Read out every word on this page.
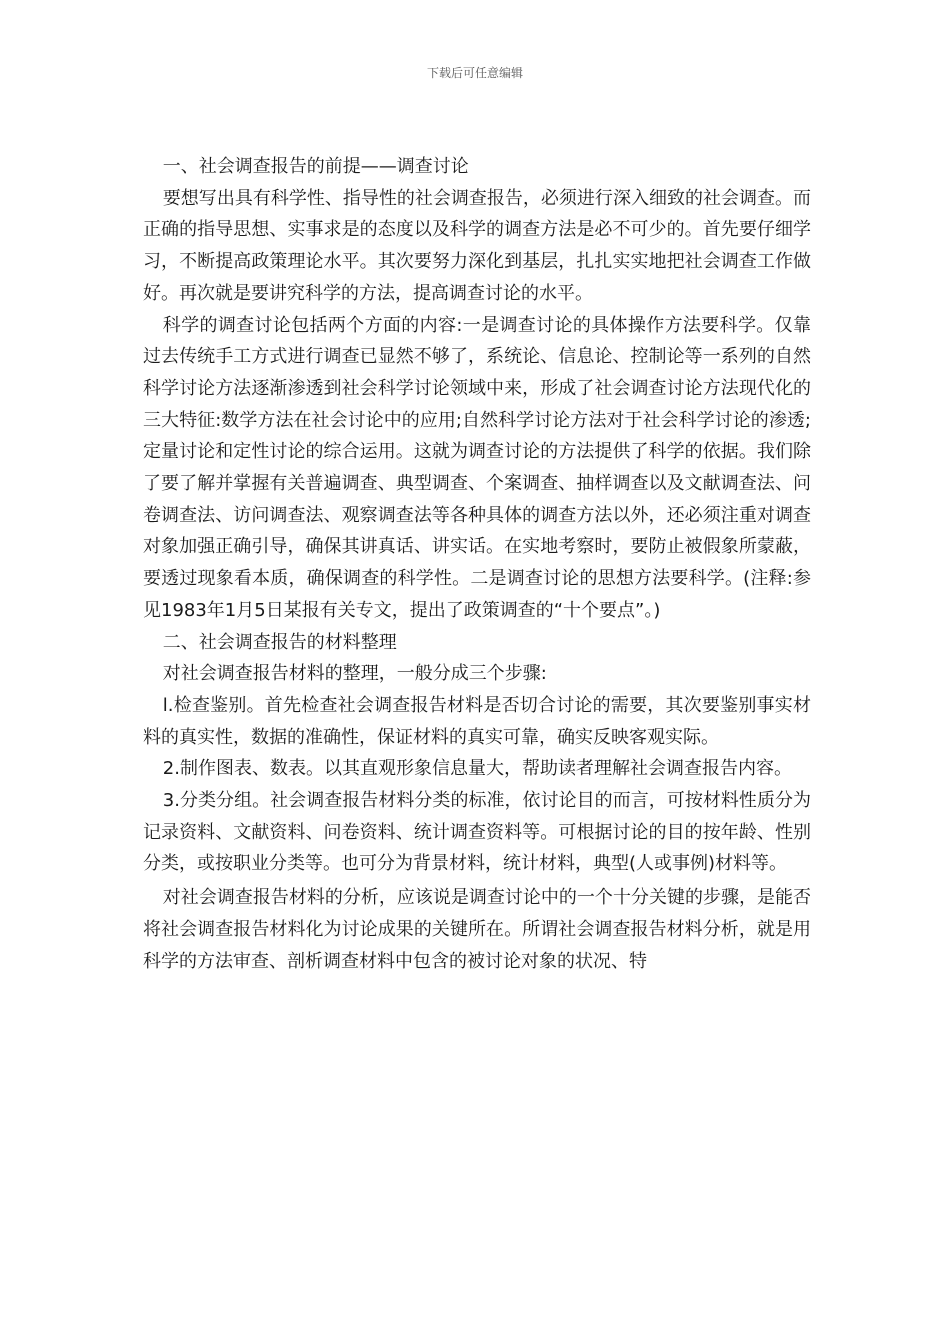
下载后可任意编辑

一、社会调查报告的前提——调查讨论

要想写出具有科学性、指导性的社会调查报告，必须进行深入细致的社会调查。而正确的指导思想、实事求是的态度以及科学的调查方法是必不可少的。首先要仔细学习，不断提高政策理论水平。其次要努力深化到基层，扎扎实实地把社会调查工作做好。再次就是要讲究科学的方法，提高调查讨论的水平。

科学的调查讨论包括两个方面的内容:一是调查讨论的具体操作方法要科学。仅靠过去传统手工方式进行调查已显然不够了，系统论、信息论、控制论等一系列的自然科学讨论方法逐渐渗透到社会科学讨论领域中来，形成了社会调查讨论方法现代化的三大特征:数学方法在社会讨论中的应用;自然科学讨论方法对于社会科学讨论的渗透;定量讨论和定性讨论的综合运用。这就为调查讨论的方法提供了科学的依据。我们除了要了解并掌握有关普遍调查、典型调查、个案调查、抽样调查以及文献调查法、问卷调查法、访问调查法、观察调查法等各种具体的调查方法以外，还必须注重对调查对象加强正确引导，确保其讲真话、讲实话。在实地考察时，要防止被假象所蒙蔽，要透过现象看本质，确保调查的科学性。二是调查讨论的思想方法要科学。(注释:参见1983年1月5日某报有关专文，提出了政策调查的“十个要点”。)

二、社会调查报告的材料整理

对社会调查报告材料的整理，一般分成三个步骤:

l.检查鉴别。首先检查社会调查报告材料是否切合讨论的需要，其次要鉴别事实材料的真实性，数据的准确性，保证材料的真实可靠，确实反映客观实际。

2.制作图表、数表。以其直观形象信息量大，帮助读者理解社会调查报告内容。

3.分类分组。社会调查报告材料分类的标准，依讨论目的而言，可按材料性质分为记录资料、文献资料、问卷资料、统计调查资料等。可根据讨论的目的按年龄、性别分类，或按职业分类等。也可分为背景材料，统计材料，典型(人或事例)材料等。

对社会调查报告材料的分析，应该说是调查讨论中的一个十分关键的步骤，是能否将社会调查报告材料化为讨论成果的关键所在。所谓社会调查报告材料分析，就是用科学的方法审查、剖析调查材料中包含的被讨论对象的状况、特
